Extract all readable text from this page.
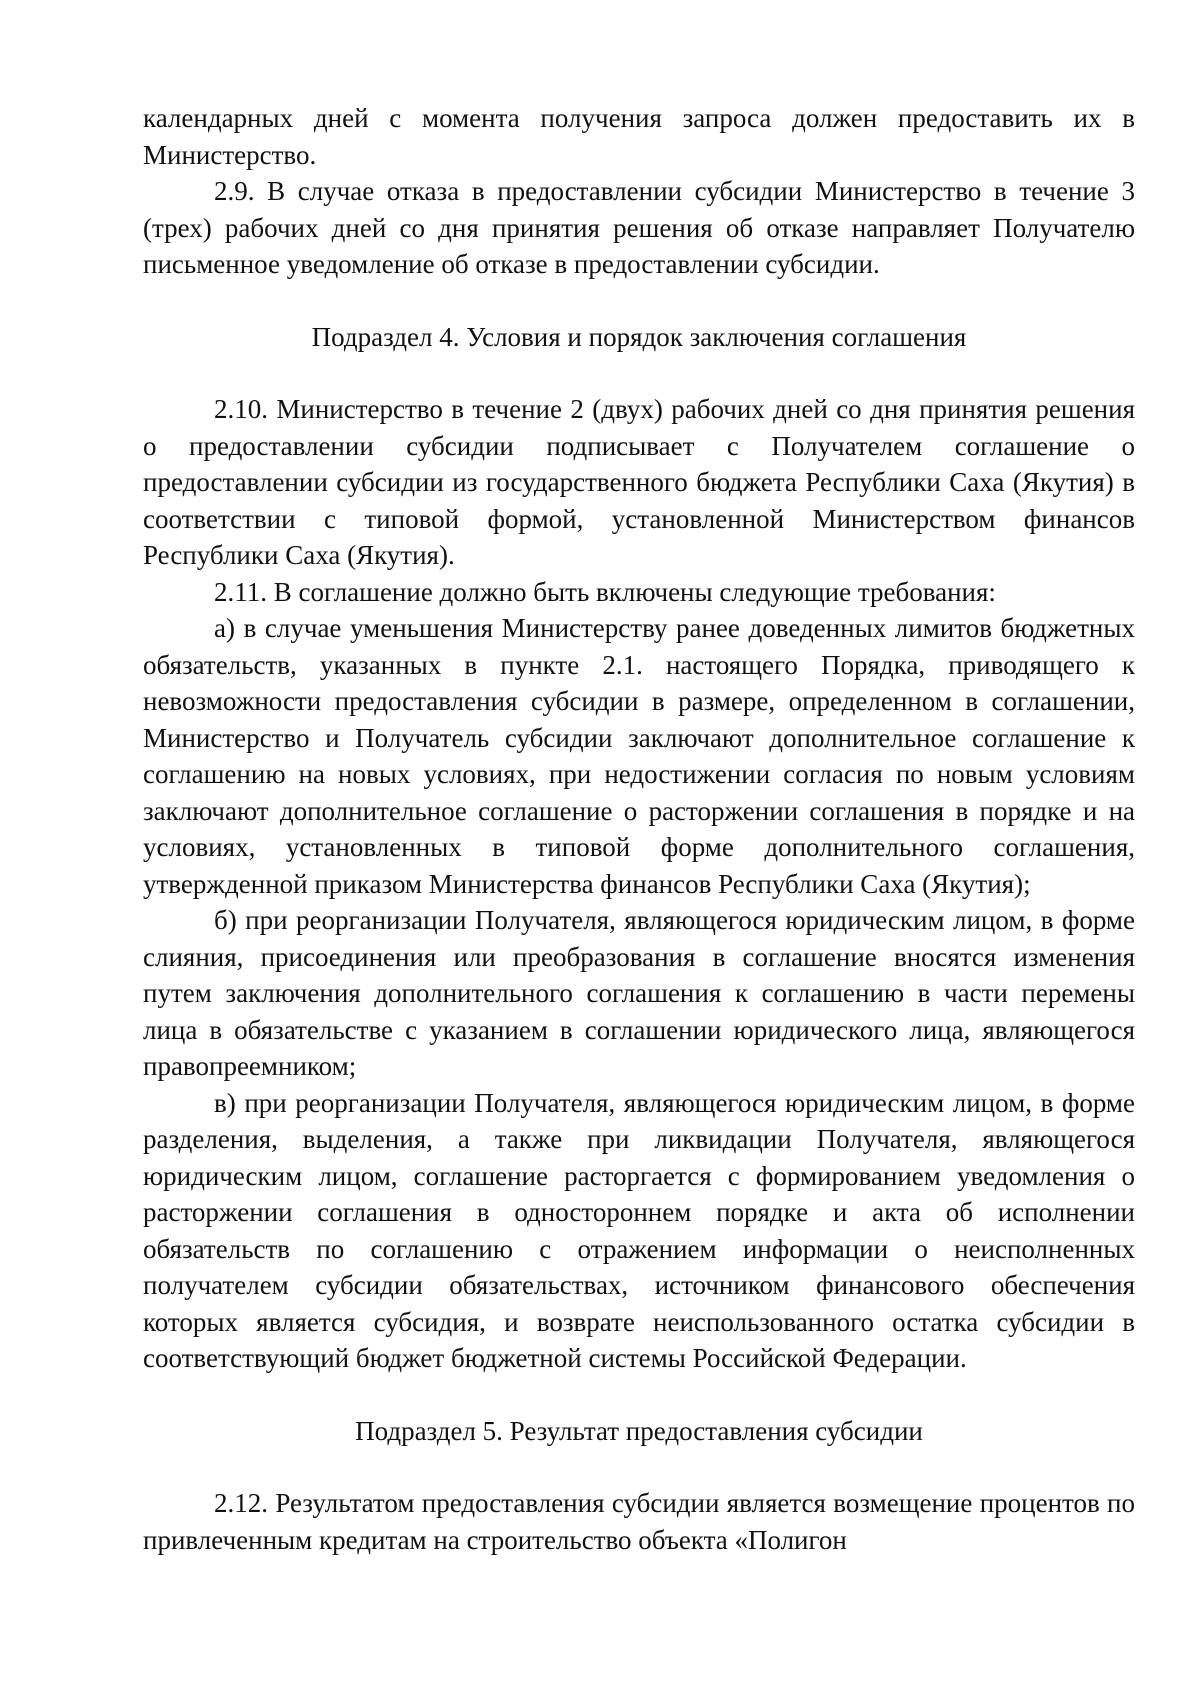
календарных дней с момента получения запроса должен предоставить их в Министерство.

2.9. В случае отказа в предоставлении субсидии Министерство в течение 3 (трех) рабочих дней со дня принятия решения об отказе направляет Получателю письменное уведомление об отказе в предоставлении субсидии.

Подраздел 4. Условия и порядок заключения соглашения

2.10. Министерство в течение 2 (двух) рабочих дней со дня принятия решения о предоставлении субсидии подписывает с Получателем соглашение о предоставлении субсидии из государственного бюджета Республики Саха (Якутия) в соответствии с типовой формой, установленной Министерством финансов Республики Саха (Якутия).

2.11. В соглашение должно быть включены следующие требования:

а) в случае уменьшения Министерству ранее доведенных лимитов бюджетных обязательств, указанных в пункте 2.1. настоящего Порядка, приводящего к невозможности предоставления субсидии в размере, определенном в соглашении, Министерство и Получатель субсидии заключают дополнительное соглашение к соглашению на новых условиях, при недостижении согласия по новым условиям заключают дополнительное соглашение о расторжении соглашения в порядке и на условиях, установленных в типовой форме дополнительного соглашения, утвержденной приказом Министерства финансов Республики Саха (Якутия);

б) при реорганизации Получателя, являющегося юридическим лицом, в форме слияния, присоединения или преобразования в соглашение вносятся изменения путем заключения дополнительного соглашения к соглашению в части перемены лица в обязательстве с указанием в соглашении юридического лица, являющегося правопреемником;

в) при реорганизации Получателя, являющегося юридическим лицом, в форме разделения, выделения, а также при ликвидации Получателя, являющегося юридическим лицом, соглашение расторгается с формированием уведомления о расторжении соглашения в одностороннем порядке и акта об исполнении обязательств по соглашению с отражением информации о неисполненных получателем субсидии обязательствах, источником финансового обеспечения которых является субсидия, и возврате неиспользованного остатка субсидии в соответствующий бюджет бюджетной системы Российской Федерации.

Подраздел 5. Результат предоставления субсидии

2.12. Результатом предоставления субсидии является возмещение процентов по привлеченным кредитам на строительство объекта «Полигон
